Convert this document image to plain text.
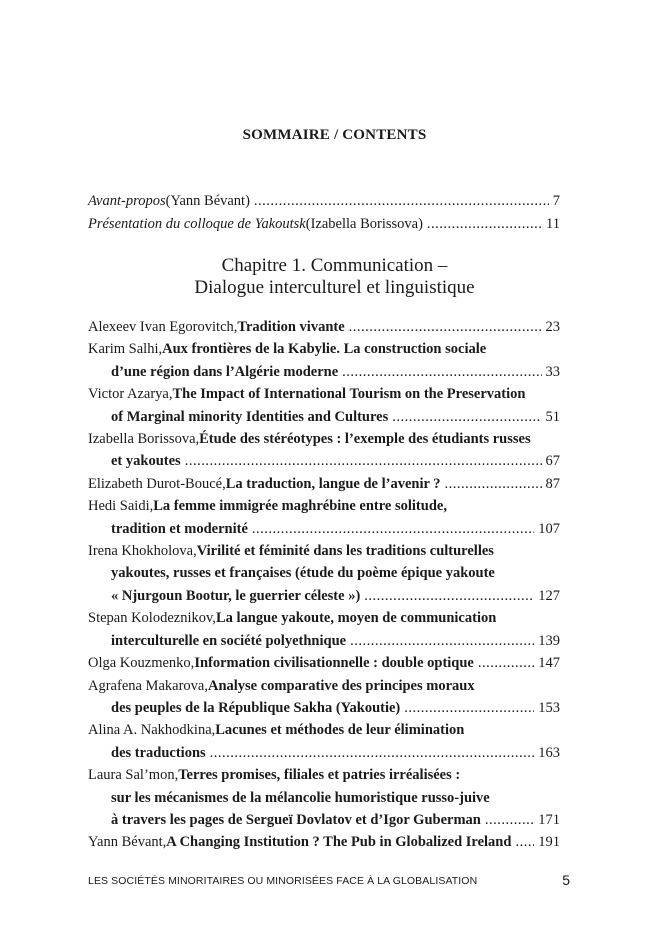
SOMMAIRE / CONTENTS
Avant-propos (Yann Bévant) .....	7
Présentation du colloque de Yakoutsk (Izabella Borissova) .....	11
Chapitre 1. Communication –
Dialogue interculturel et linguistique
Alexeev Ivan Egorovitch, Tradition vivante .....	23
Karim Salhi, Aux frontières de la Kabylie. La construction sociale
d’une région dans l’Algérie moderne .....	33
Victor Azarya, The Impact of International Tourism on the Preservation
of Marginal minority Identities and Cultures .....	51
Izabella Borissova, Étude des stéréotypes : l’exemple des étudiants russes
et yakoutes .....	67
Elizabeth Durot-Boucé, La traduction, langue de l’avenir ? .....	87
Hedi Saidi, La femme immigrée maghrébine entre solitude,
tradition et modernité .....	107
Irena Khokholova, Virilité et féminité dans les traditions culturelles
yakoutes, russes et françaises (étude du poème épique yakoute
« Njurgoun Bootur, le guerrier céleste ») .....	127
Stepan Kolodeznikov, La langue yakoute, moyen de communication
interculturelle en société polyethnique .....	139
Olga Kouzmenko, Information civilisationnelle : double optique .....	147
Agrafena Makarova, Analyse comparative des principes moraux
des peuples de la République Sakha (Yakoutie) .....	153
Alina A. Nakhodkina, Lacunes et méthodes de leur élimination
des traductions .....	163
Laura Sal’mon, Terres promises, filiales et patries irréalisées :
sur les mécanismes de la mélancolie humoristique russo-juive
à travers les pages de Sergueï Dovlatov et d’Igor Guberman .....	171
Yann Bévant, A Changing Institution ? The Pub in Globalized Ireland ..... 191
LES SOCIÉTÉS MINORITAIRES OU MINORISÉES FACE À LA GLOBALISATION	5
